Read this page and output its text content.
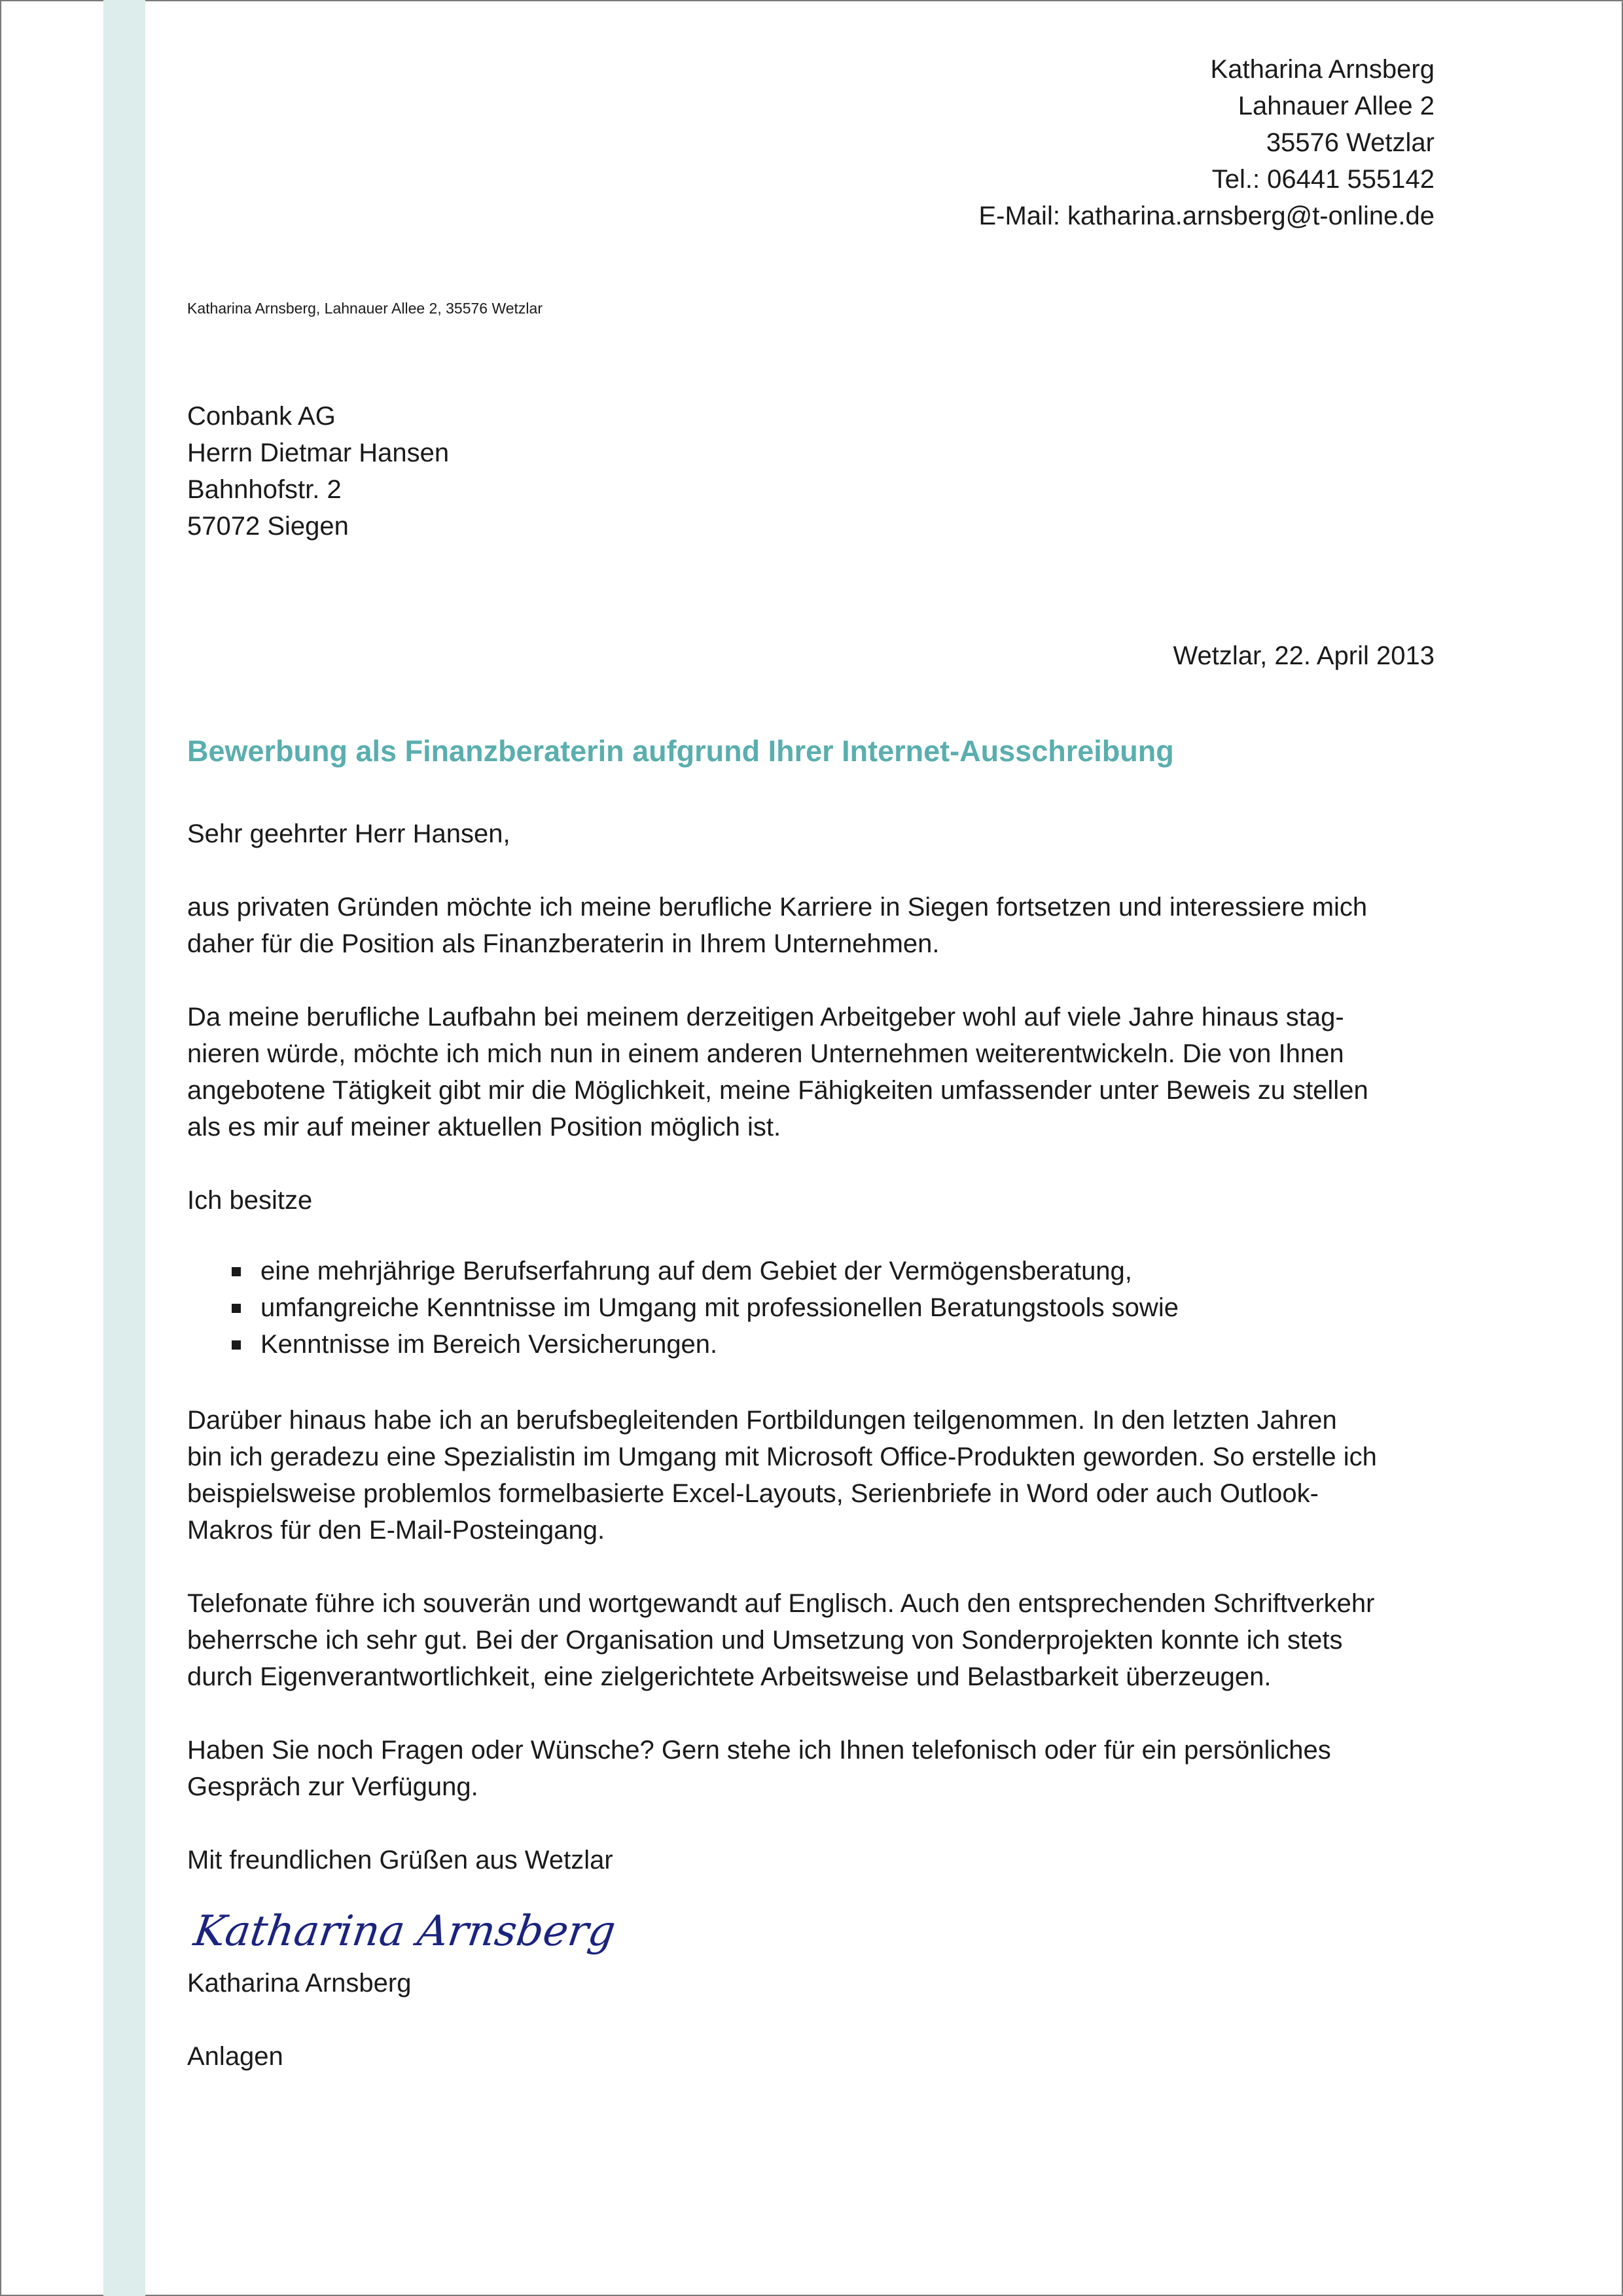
Katharina Arnsberg
Lahnauer Allee 2
35576 Wetzlar
Tel.: 06441 555142
E-Mail: katharina.arnsberg@t-online.de
Katharina Arnsberg, Lahnauer Allee 2, 35576 Wetzlar
Conbank AG
Herrn Dietmar Hansen
Bahnhofstr. 2
57072 Siegen
Wetzlar, 22. April 2013
Bewerbung als Finanzberaterin aufgrund Ihrer Internet-Ausschreibung
Sehr geehrter Herr Hansen,
aus privaten Gründen möchte ich meine berufliche Karriere in Siegen fortsetzen und interessiere mich
daher für die Position als Finanzberaterin in Ihrem Unternehmen.
Da meine berufliche Laufbahn bei meinem derzeitigen Arbeitgeber wohl auf viele Jahre hinaus stag-
nieren würde, möchte ich mich nun in einem anderen Unternehmen weiterentwickeln. Die von Ihnen
angebotene Tätigkeit gibt mir die Möglichkeit, meine Fähigkeiten umfassender unter Beweis zu stellen
als es mir auf meiner aktuellen Position möglich ist.
Ich besitze
eine mehrjährige Berufserfahrung auf dem Gebiet der Vermögensberatung,
umfangreiche Kenntnisse im Umgang mit professionellen Beratungstools sowie
Kenntnisse im Bereich Versicherungen.
Darüber hinaus habe ich an berufsbegleitenden Fortbildungen teilgenommen. In den letzten Jahren
bin ich geradezu eine Spezialistin im Umgang mit Microsoft Office-Produkten geworden. So erstelle ich
beispielsweise problemlos formelbasierte Excel-Layouts, Serienbriefe in Word oder auch Outlook-
Makros für den E-Mail-Posteingang.
Telefonate führe ich souverän und wortgewandt auf Englisch. Auch den entsprechenden Schriftverkehr
beherrsche ich sehr gut. Bei der Organisation und Umsetzung von Sonderprojekten konnte ich stets
durch Eigenverantwortlichkeit, eine zielgerichtete Arbeitsweise und Belastbarkeit überzeugen.
Haben Sie noch Fragen oder Wünsche? Gern stehe ich Ihnen telefonisch oder für ein persönliches
Gespräch zur Verfügung.
Mit freundlichen Grüßen aus Wetzlar
Katharina Arnsberg
Katharina Arnsberg
Anlagen
